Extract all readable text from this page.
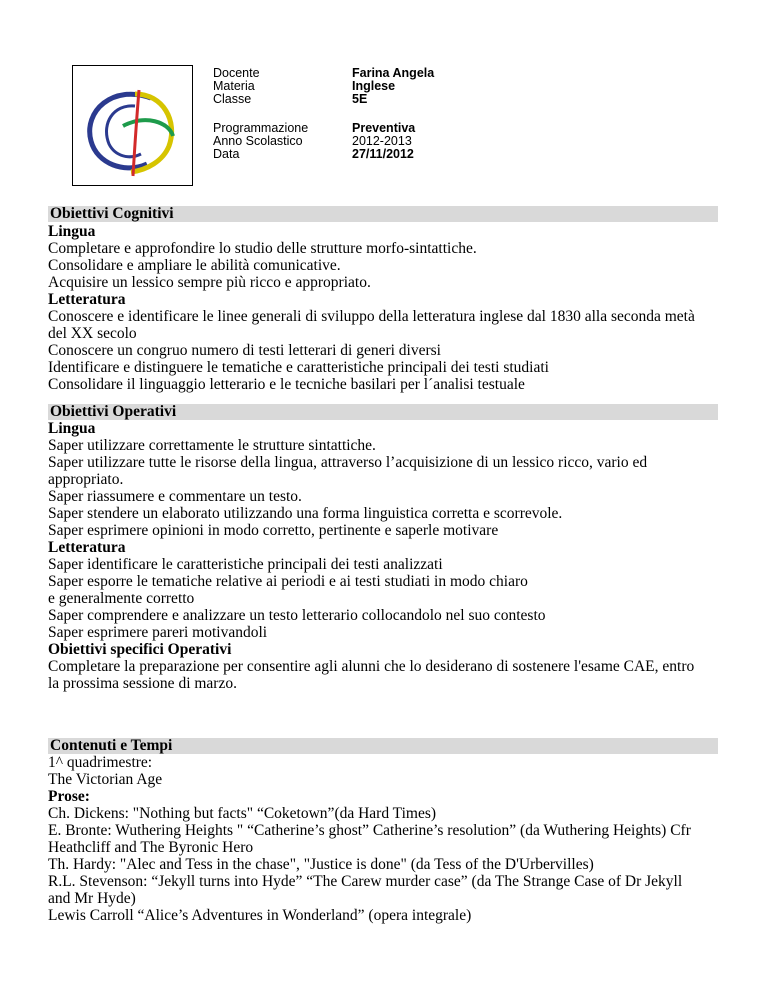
Docente
Materia
Classe
Programmazione
Anno Scolastico
Data
Farina Angela
Inglese
5E
Preventiva
2012-2013
27/11/2012
Obiettivi Cognitivi
Lingua
Completare e approfondire lo studio delle strutture morfo-sintattiche.
Consolidare e ampliare le abilità comunicative.
Acquisire un lessico sempre più ricco e appropriato.
Letteratura
Conoscere e identificare le linee generali di sviluppo della letteratura inglese dal 1830 alla seconda metà
del XX secolo
Conoscere un congruo numero di testi letterari di generi diversi
Identificare e distinguere le tematiche e caratteristiche principali dei testi studiati
Consolidare il linguaggio letterario e le tecniche basilari per l´analisi testuale
Obiettivi Operativi
Lingua
Saper utilizzare correttamente le strutture sintattiche.
Saper utilizzare tutte le risorse della lingua, attraverso l’acquisizione di un lessico ricco, vario ed
appropriato.
Saper riassumere e commentare un testo.
Saper stendere un elaborato utilizzando una forma linguistica corretta e scorrevole.
Saper esprimere opinioni in modo corretto, pertinente e saperle motivare
Letteratura
Saper identificare le caratteristiche principali dei testi analizzati
Saper esporre le tematiche relative ai periodi e ai testi studiati in modo chiaro
e generalmente corretto
Saper comprendere e analizzare un testo letterario collocandolo nel suo contesto
Saper esprimere pareri motivandoli
Obiettivi specifici Operativi
Completare la preparazione per consentire agli alunni che lo desiderano di sostenere l'esame CAE, entro
la prossima sessione di marzo.
Contenuti e Tempi
1^ quadrimestre:
The Victorian Age
Prose:
Ch. Dickens: "Nothing but facts" “Coketown”(da Hard Times)
E. Bronte: Wuthering Heights " “Catherine’s ghost” Catherine’s resolution” (da Wuthering Heights) Cfr
Heathcliff and The Byronic Hero
Th. Hardy: "Alec and Tess in the chase", "Justice is done" (da Tess of the D'Urbervilles)
R.L. Stevenson: “Jekyll turns into Hyde” “The Carew murder case” (da The Strange Case of Dr Jekyll
and Mr Hyde)
Lewis Carroll “Alice’s Adventures in Wonderland” (opera integrale)
